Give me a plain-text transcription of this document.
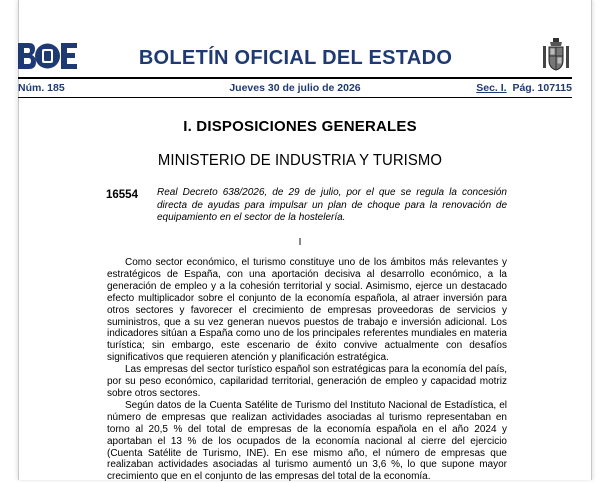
BOLETÍN OFICIAL DEL ESTADO
Núm. 185	Jueves 30 de julio de 2026	Sec. I. Pág. 107115
I. DISPOSICIONES GENERALES
MINISTERIO DE INDUSTRIA Y TURISMO
16554 Real Decreto 638/2026, de 29 de julio, por el que se regula la concesión directa de ayudas para impulsar un plan de choque para la renovación de equipamiento en el sector de la hostelería.
I

Como sector económico, el turismo constituye uno de los ámbitos más relevantes y estratégicos de España, con una aportación decisiva al desarrollo económico, a la generación de empleo y a la cohesión territorial y social. Asimismo, ejerce un destacado efecto multiplicador sobre el conjunto de la economía española, al atraer inversión para otros sectores y favorecer el crecimiento de empresas proveedoras de servicios y suministros, que a su vez generan nuevos puestos de trabajo e inversión adicional. Los indicadores sitúan a España como uno de los principales referentes mundiales en materia turística; sin embargo, este escenario de éxito convive actualmente con desafíos significativos que requieren atención y planificación estratégica.

Las empresas del sector turístico español son estratégicas para la economía del país, por su peso económico, capilaridad territorial, generación de empleo y capacidad motriz sobre otros sectores.

Según datos de la Cuenta Satélite de Turismo del Instituto Nacional de Estadística, el número de empresas que realizan actividades asociadas al turismo representaban en torno al 20,5 % del total de empresas de la economía española en el año 2024 y aportaban el 13 % de los ocupados de la economía nacional al cierre del ejercicio (Cuenta Satélite de Turismo, INE). En ese mismo año, el número de empresas que realizaban actividades asociadas al turismo aumentó un 3,6 %, lo que supone mayor crecimiento que en el conjunto de las empresas del total de la economía.
